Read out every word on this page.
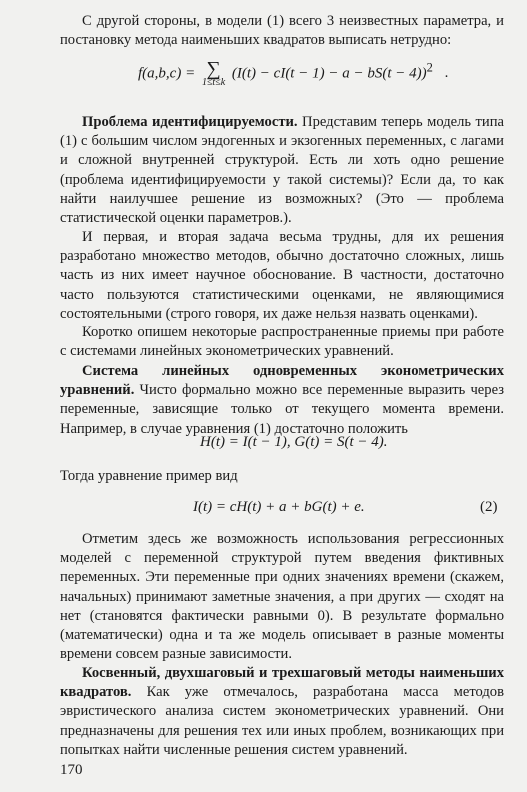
С другой стороны, в модели (1) всего 3 неизвестных параметра, и постановку метода наименьших квадратов выписать нетрудно:

f(a,b,c) = ∑
1≤t≤k
$(I(t) - cI(t - 1) - a - bS(t - 4))^2$ .

Проблема идентифицируемости. Представим теперь модель типа (1) с большим числом эндогенных и экзогенных переменных, с лагами и сложной внутренней структурой. Есть ли хоть одно решение (проблема идентифицируемости у такой системы)? Если да, то как найти наилучшее решение из возможных? (Это — проблема статистической оценки параметров.).

И первая, и вторая задача весьма трудны, для их решения разработано множество методов, обычно достаточно сложных, лишь часть из них имеет научное обоснование. В частности, достаточно часто пользуются статистическими оценками, не являющимися состоятельными (строго говоря, их даже нельзя назвать оценками).

Коротко опишем некоторые распространенные приемы при работе с системами линейных эконометрических уравнений.

Система линейных одновременных эконометрических уравнений. Чисто формально можно все переменные выразить через переменные, зависящие только от текущего момента времени. Например, в случае уравнения (1) достаточно положить

H(t) = I(t − 1), G(t) = S(t − 4).

Тогда уравнение пример вид

I(t) = cH(t) + a + bG(t) + e.	(2)

Отметим здесь же возможность использования регрессионных моделей с переменной структурой путем введения фиктивных переменных. Эти переменные при одних значениях времени (скажем, начальных) принимают заметные значения, а при других — сходят на нет (становятся фактически равными 0). В результате формально (математически) одна и та же модель описывает в разные моменты времени совсем разные зависимости.

Косвенный, двухшаговый и трехшаговый методы наименьших квадратов. Как уже отмечалось, разработана масса методов эвристического анализа систем эконометрических уравнений. Они предназначены для решения тех или иных проблем, возникающих при попытках найти численные решения систем уравнений.

170
